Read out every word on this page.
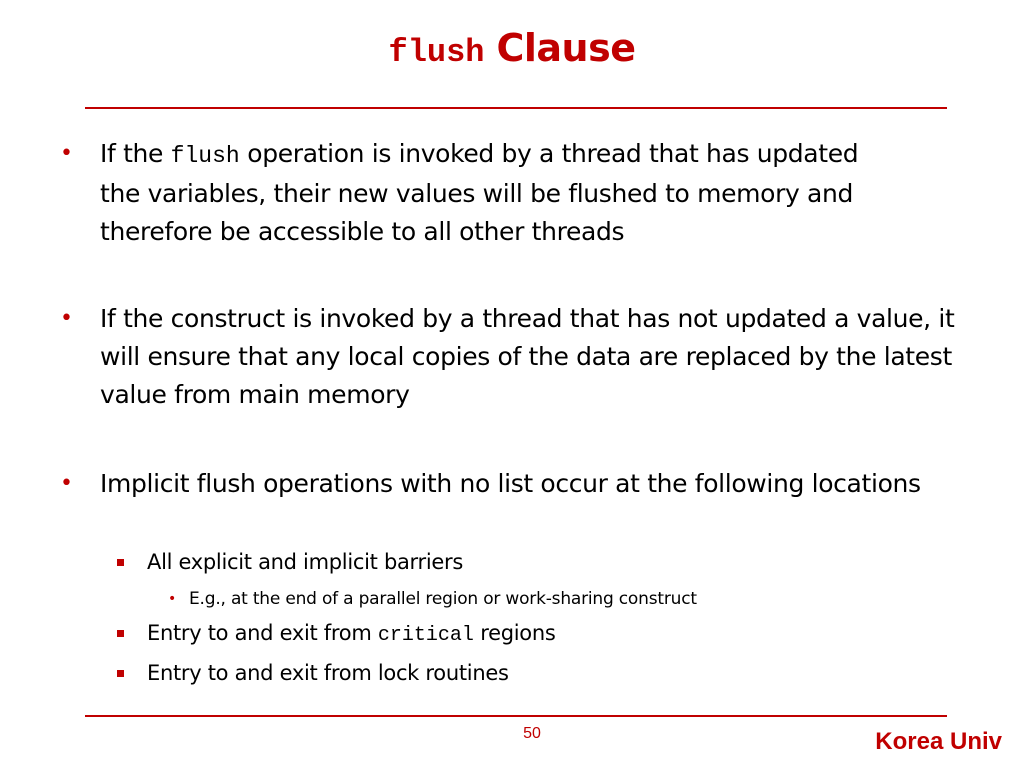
flush Clause
• If the flush operation is invoked by a thread that has updated the variables, their new values will be flushed to memory and therefore be accessible to all other threads
• If the construct is invoked by a thread that has not updated a value, it will ensure that any local copies of the data are replaced by the latest value from main memory
• Implicit flush operations with no list occur at the following locations
All explicit and implicit barriers
• E.g., at the end of a parallel region or work-sharing construct
Entry to and exit from critical regions
Entry to and exit from lock routines
50	Korea Univ
